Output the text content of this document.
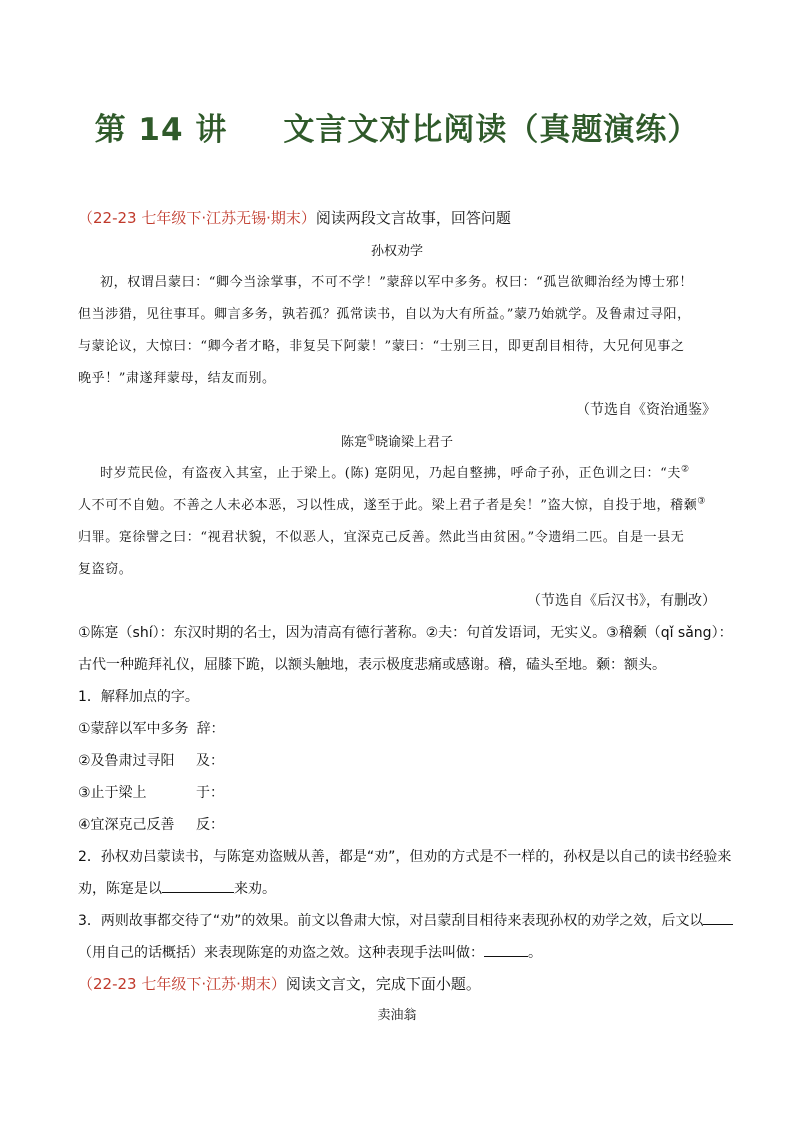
第 14 讲 文言文对比阅读（真题演练）
（22-23 七年级下·江苏无锡·期末）阅读两段文言故事，回答问题
孙权劝学
初，权谓吕蒙曰：“卿今当涂掌事，不可不学！”蒙辞以军中多务。权曰：“孤岂欲卿治经为博士邪！
但当涉猎，见往事耳。卿言多务，孰若孤？孤常读书，自以为大有所益。”蒙乃始就学。及鲁肃过寻阳，
与蒙论议，大惊曰：“卿今者才略，非复吴下阿蒙！”蒙曰：“士别三日，即更刮目相待，大兄何见事之
晚乎！”肃遂拜蒙母，结友而别。
（节选自《资治通鉴》
陈寔①晓谕梁上君子
时岁荒民俭，有盗夜入其室，止于梁上。(陈) 寔阴见，乃起自整拂，呼命子孙，正色训之曰：“夫②
人不可不自勉。不善之人未必本恶，习以性成，遂至于此。梁上君子者是矣！”盗大惊，自投于地，稽颡③
归罪。寔徐譬之曰：“视君状貌，不似恶人，宜深克己反善。然此当由贫困。”令遗绢二匹。自是一县无
复盗窃。
（节选自《后汉书》，有删改）
①陈寔（shí）：东汉时期的名士，因为清高有德行著称。②夫：句首发语词，无实义。③稽颡（qǐ sǎng）：
古代一种跪拜礼仪，屈膝下跪，以额头触地，表示极度悲痛或感谢。稽，磕头至地。颡：额头。
1．解释加点的字。
①蒙辞以军中多务 辞：
②及鲁肃过寻阳 及：
③止于梁上	于：
④宜深克己反善 反：
2．孙权劝吕蒙读书，与陈寔劝盗贼从善，都是“劝”，但劝的方式是不一样的，孙权是以自己的读书经验来
劝，陈寔是以	来劝。
3．两则故事都交待了“劝”的效果。前文以鲁肃大惊，对吕蒙刮目相待来表现孙权的劝学之效，后文以
（用自己的话概括）来表现陈寔的劝盗之效。这种表现手法叫做：	。
（22-23 七年级下·江苏·期末）阅读文言文，完成下面小题。
卖油翁
